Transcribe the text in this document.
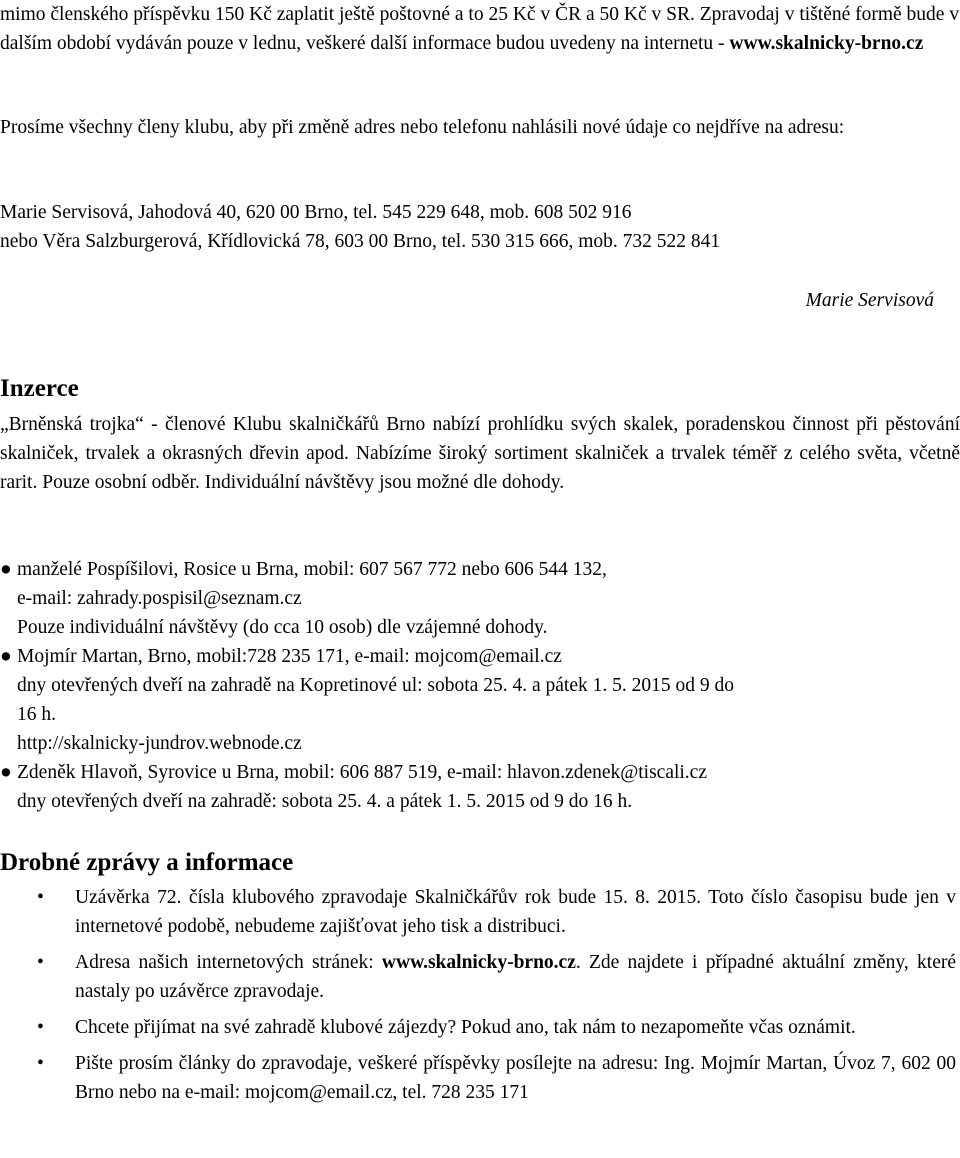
mimo členského příspěvku 150 Kč zaplatit ještě poštovné a to 25 Kč v ČR a 50 Kč v SR. Zpravodaj v tištěné formě bude v dalším období vydáván pouze v lednu, veškeré další informace budou uvedeny na internetu - www.skalnicky-brno.cz

Prosíme všechny členy klubu, aby při změně adres nebo telefonu nahlásili nové údaje co nejdříve na adresu:

Marie Servisová, Jahodová 40, 620 00 Brno, tel. 545 229 648, mob. 608 502 916
nebo Věra Salzburgerová, Křídlovická 78, 603 00 Brno, tel. 530 315 666, mob. 732 522 841

Marie Servisová

Inzerce

„Brněnská trojka“ - členové Klubu skalničkářů Brno nabízí prohlídku svých skalek, poradenskou činnost při pěstování skalniček, trvalek a okrasných dřevin apod. Nabízíme široký sortiment skalniček a trvalek téměř z celého světa, včetně rarit. Pouze osobní odběr. Individuální návštěvy jsou možné dle dohody.

● manželé Pospíšilovi, Rosice u Brna, mobil: 607 567 772 nebo 606 544 132,
e-mail: zahrady.pospisil@seznam.cz
Pouze individuální návštěvy (do cca 10 osob) dle vzájemné dohody.
● Mojmír Martan, Brno, mobil:728 235 171, e-mail: mojcom@email.cz
dny otevřených dveří na zahradě na Kopretinové ul: sobota 25. 4. a pátek 1. 5. 2015 od 9 do
16 h.
http://skalnicky-jundrov.webnode.cz
● Zdeněk Hlavoň, Syrovice u Brna, mobil: 606 887 519, e-mail: hlavon.zdenek@tiscali.cz
dny otevřených dveří na zahradě: sobota 25. 4. a pátek 1. 5. 2015 od 9 do 16 h.
Drobné zprávy a informace
• Uzávěrka 72. čísla klubového zpravodaje Skalničkářův rok bude 15. 8. 2015. Toto číslo časopisu bude jen v internetové podobě, nebudeme zajišťovat jeho tisk a distribuci.
• Adresa našich internetových stránek: www.skalnicky-brno.cz. Zde najdete i případné aktuální změny, které nastaly po uzávěrce zpravodaje.
• Chcete přijímat na své zahradě klubové zájezdy? Pokud ano, tak nám to nezapomeňte včas oznámit.
• Pište prosím články do zpravodaje, veškeré příspěvky posílejte na adresu: Ing. Mojmír Martan, Úvoz 7, 602 00 Brno nebo na e-mail: mojcom@email.cz, tel. 728 235 171
